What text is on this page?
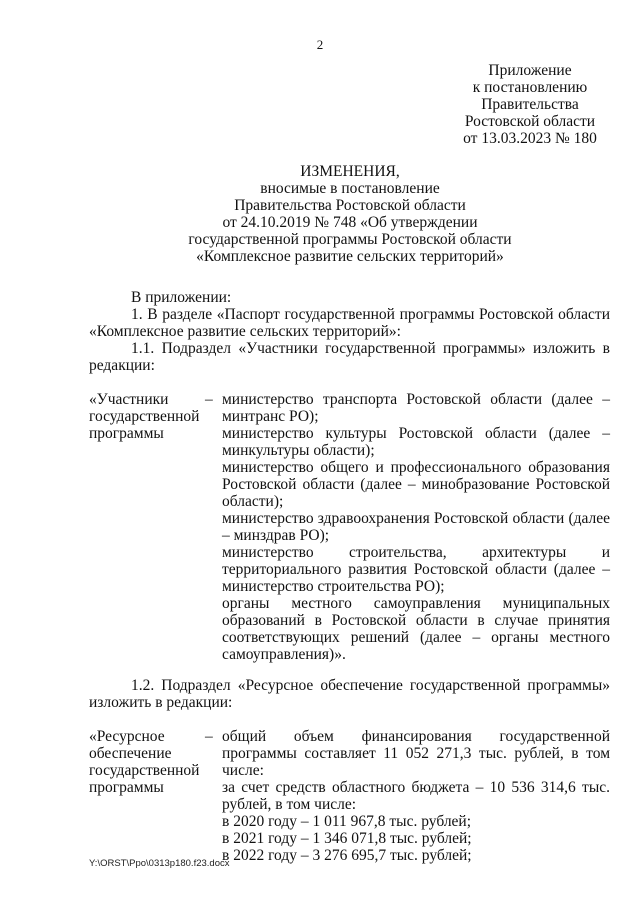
2
Приложение
к постановлению
Правительства
Ростовской области
от 13.03.2023 № 180
ИЗМЕНЕНИЯ,
вносимые в постановление
Правительства Ростовской области
от 24.10.2019 № 748 «Об утверждении
государственной программы Ростовской области
«Комплексное развитие сельских территорий»
В приложении:
1. В разделе «Паспорт государственной программы Ростовской области «Комплексное развитие сельских территорий»:
1.1. Подраздел «Участники государственной программы» изложить в редакции:
«Участники государственной программы
– министерство транспорта Ростовской области (далее – минтранс РО);

министерство культуры Ростовской области (далее – минкультуры области);

министерство общего и профессионального образования Ростовской области (далее – минобразование Ростовской области);

министерство здравоохранения Ростовской области (далее – минздрав РО);

министерство строительства, архитектуры и территориального развития Ростовской области (далее – министерство строительства РО);

органы местного самоуправления муниципальных образований в Ростовской области в случае принятия соответствующих решений (далее – органы местного самоуправления)».

1.2. Подраздел «Ресурсное обеспечение государственной программы» изложить в редакции:
«Ресурсное обеспечение государственной программы
– общий объем финансирования государственной программы составляет 11 052 271,3 тыс. рублей, в том числе:

за счет средств областного бюджета – 10 536 314,6 тыс. рублей, в том числе:

в 2020 году – 1 011 967,8 тыс. рублей;

в 2021 году – 1 346 071,8 тыс. рублей;

в 2022 году – 3 276 695,7 тыс. рублей;

Y:\ORST\Ppo\0313p180.f23.docx
